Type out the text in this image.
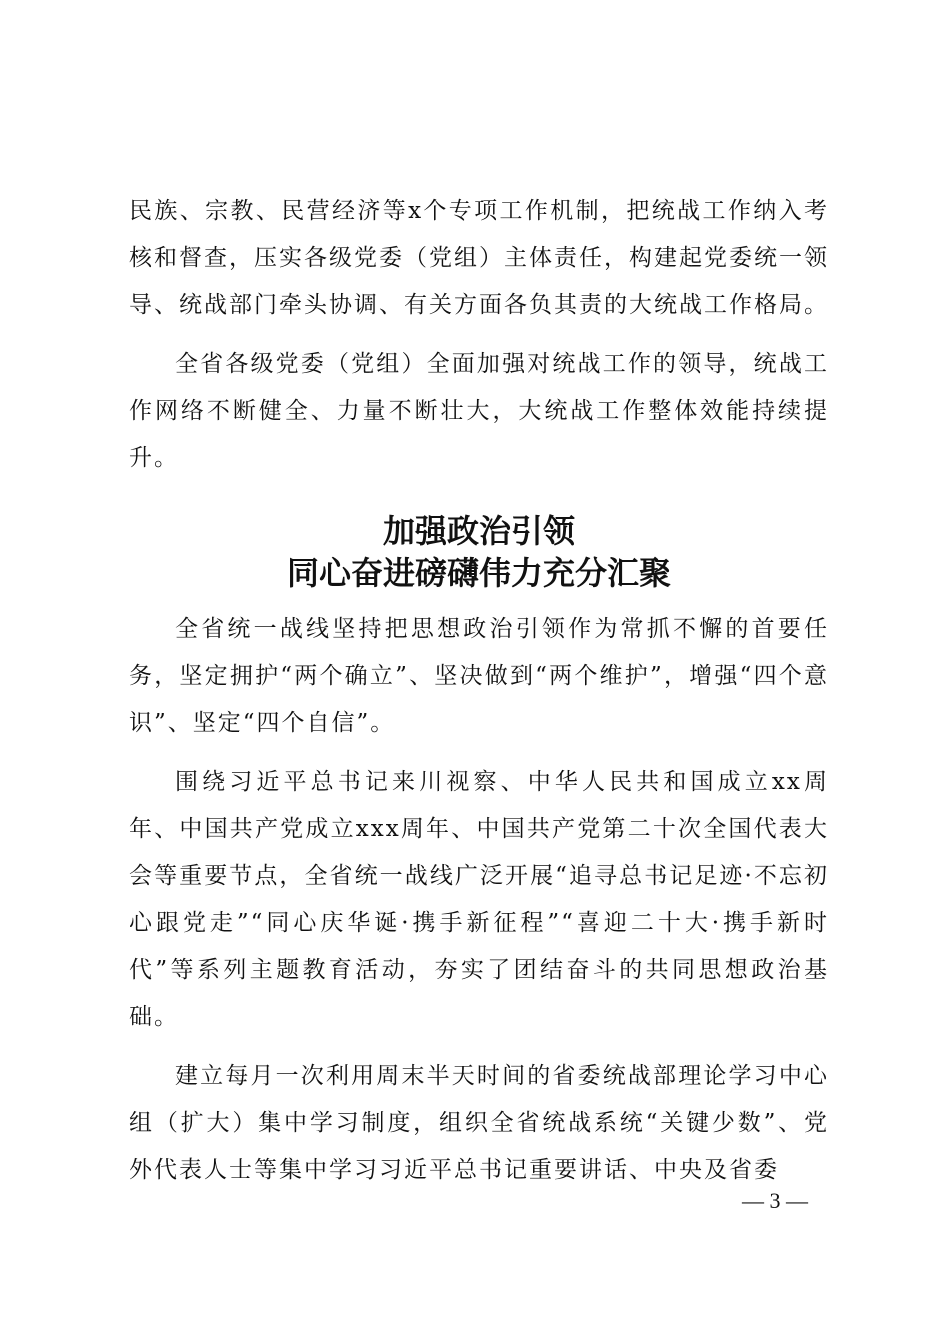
民族、宗教、民营经济等x个专项工作机制，把统战工作纳入考核和督查，压实各级党委（党组）主体责任，构建起党委统一领导、统战部门牵头协调、有关方面各负其责的大统战工作格局。

全省各级党委（党组）全面加强对统战工作的领导，统战工作网络不断健全、力量不断壮大，大统战工作整体效能持续提升。

加强政治引领
同心奋进磅礴伟力充分汇聚

全省统一战线坚持把思想政治引领作为常抓不懈的首要任务，坚定拥护“两个确立”、坚决做到“两个维护”，增强“四个意识”、坚定“四个自信”。

围绕习近平总书记来川视察、中华人民共和国成立xx周年、中国共产党成立xxx周年、中国共产党第二十次全国代表大会等重要节点，全省统一战线广泛开展“追寻总书记足迹·不忘初心跟党走”“同心庆华诞·携手新征程”“喜迎二十大·携手新时代”等系列主题教育活动，夯实了团结奋斗的共同思想政治基础。

建立每月一次利用周末半天时间的省委统战部理论学习中心组（扩大）集中学习制度，组织全省统战系统“关键少数”、党外代表人士等集中学习习近平总书记重要讲话、中央及省委

— 3 —
